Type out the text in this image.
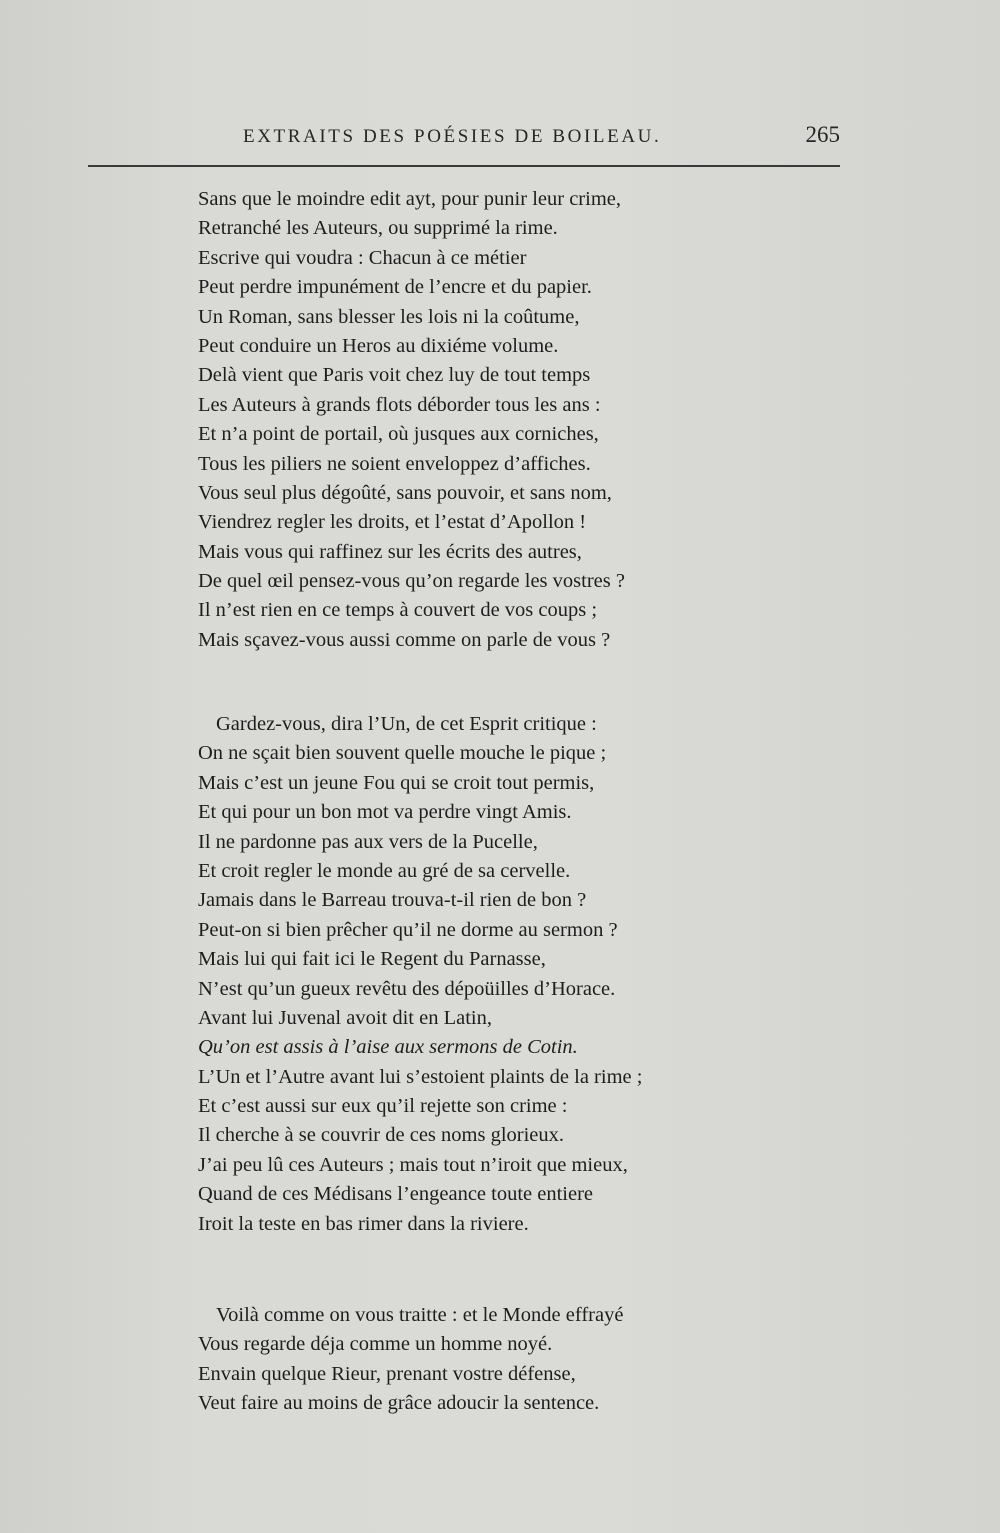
EXTRAITS DES POÉSIES DE BOILEAU.	265
Sans que le moindre edit ayt, pour punir leur crime,
Retranché les Auteurs, ou supprimé la rime.
Escrive qui voudra : Chacun à ce métier
Peut perdre impunément de l’encre et du papier.
Un Roman, sans blesser les lois ni la coûtume,
Peut conduire un Heros au dixiéme volume.
Delà vient que Paris voit chez luy de tout temps
Les Auteurs à grands flots déborder tous les ans :
Et n’a point de portail, où jusques aux corniches,
Tous les piliers ne soient enveloppez d’affiches.
Vous seul plus dégoûté, sans pouvoir, et sans nom,
Viendrez regler les droits, et l’estat d’Apollon !
Mais vous qui raffinez sur les écrits des autres,
De quel œil pensez-vous qu’on regarde les vostres ?
Il n’est rien en ce temps à couvert de vos coups ;
Mais sçavez-vous aussi comme on parle de vous ?
Gardez-vous, dira l’Un, de cet Esprit critique :
On ne sçait bien souvent quelle mouche le pique ;
Mais c’est un jeune Fou qui se croit tout permis,
Et qui pour un bon mot va perdre vingt Amis.
Il ne pardonne pas aux vers de la Pucelle,
Et croit regler le monde au gré de sa cervelle.
Jamais dans le Barreau trouva-t-il rien de bon ?
Peut-on si bien prêcher qu’il ne dorme au sermon ?
Mais lui qui fait ici le Regent du Parnasse,
N’est qu’un gueux revêtu des dépoüilles d’Horace.
Avant lui Juvenal avoit dit en Latin,
Qu’on est assis à l’aise aux sermons de Cotin.
L’Un et l’Autre avant lui s’estoient plaints de la rime ;
Et c’est aussi sur eux qu’il rejette son crime :
Il cherche à se couvrir de ces noms glorieux.
J’ai peu lû ces Auteurs ; mais tout n’iroit que mieux,
Quand de ces Médisans l’engeance toute entiere
Iroit la teste en bas rimer dans la riviere.
Voilà comme on vous traitte : et le Monde effrayé
Vous regarde déja comme un homme noyé.
Envain quelque Rieur, prenant vostre défense,
Veut faire au moins de grâce adoucir la sentence.
